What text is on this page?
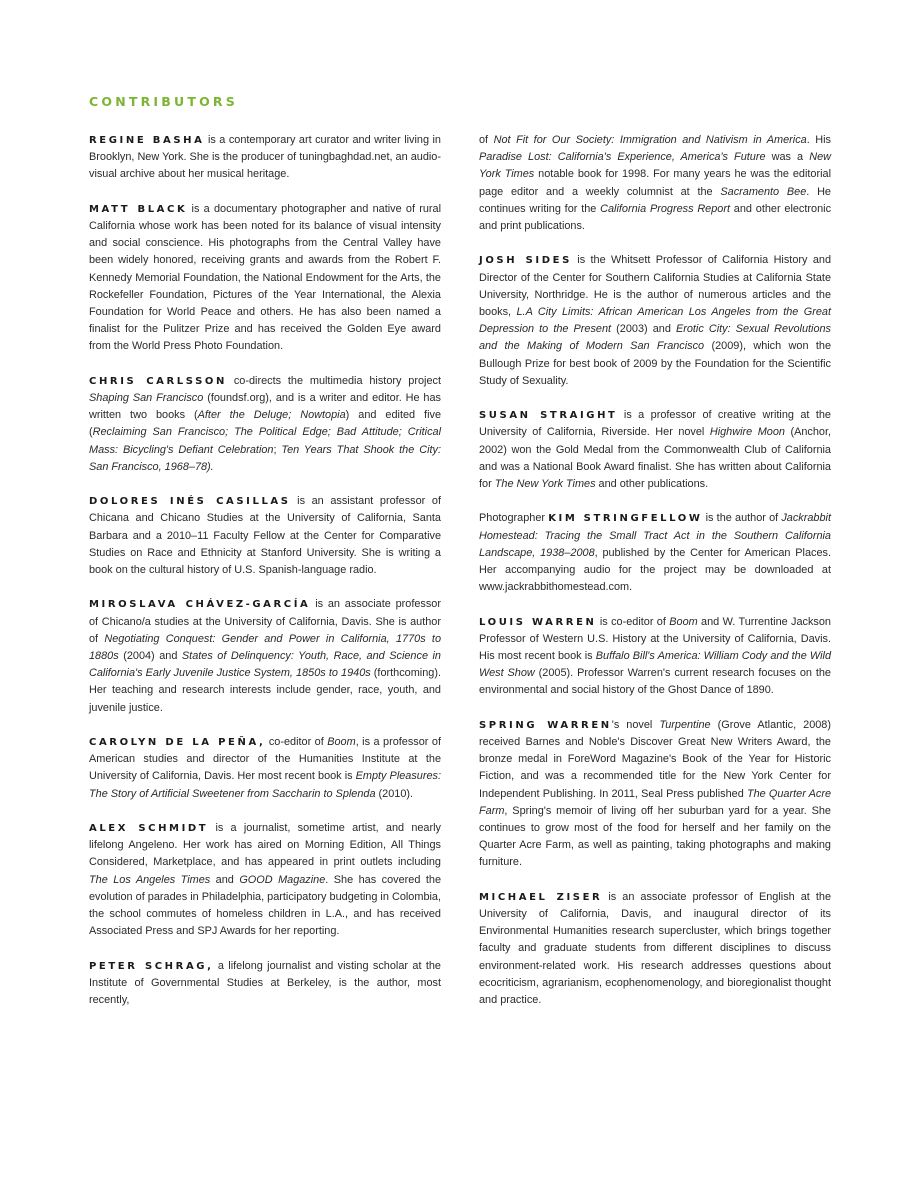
CONTRIBUTORS

REGINE BASHA is a contemporary art curator and writer living in Brooklyn, New York. She is the producer of tuningbaghdad.net, an audio-visual archive about her musical heritage.

MATT BLACK is a documentary photographer and native of rural California whose work has been noted for its balance of visual intensity and social conscience. His photographs from the Central Valley have been widely honored, receiving grants and awards from the Robert F. Kennedy Memorial Foundation, the National Endowment for the Arts, the Rockefeller Foundation, Pictures of the Year International, the Alexia Foundation for World Peace and others. He has also been named a finalist for the Pulitzer Prize and has received the Golden Eye award from the World Press Photo Foundation.

CHRIS CARLSSON co-directs the multimedia history project Shaping San Francisco (foundsf.org), and is a writer and editor. He has written two books (After the Deluge; Nowtopia) and edited five (Reclaiming San Francisco; The Political Edge; Bad Attitude; Critical Mass: Bicycling's Defiant Celebration; Ten Years That Shook the City: San Francisco, 1968–78).

DOLORES INÉS CASILLAS is an assistant professor of Chicana and Chicano Studies at the University of California, Santa Barbara and a 2010–11 Faculty Fellow at the Center for Comparative Studies on Race and Ethnicity at Stanford University. She is writing a book on the cultural history of U.S. Spanish-language radio.

MIROSLAVA CHÁVEZ-GARCÍA is an associate professor of Chicano/a studies at the University of California, Davis. She is author of Negotiating Conquest: Gender and Power in California, 1770s to 1880s (2004) and States of Delinquency: Youth, Race, and Science in California's Early Juvenile Justice System, 1850s to 1940s (forthcoming). Her teaching and research interests include gender, race, youth, and juvenile justice.

CAROLYN DE LA PEÑA, co-editor of Boom, is a professor of American studies and director of the Humanities Institute at the University of California, Davis. Her most recent book is Empty Pleasures: The Story of Artificial Sweetener from Saccharin to Splenda (2010).

ALEX SCHMIDT is a journalist, sometime artist, and nearly lifelong Angeleno. Her work has aired on Morning Edition, All Things Considered, Marketplace, and has appeared in print outlets including The Los Angeles Times and GOOD Magazine. She has covered the evolution of parades in Philadelphia, participatory budgeting in Colombia, the school commutes of homeless children in L.A., and has received Associated Press and SPJ Awards for her reporting.

PETER SCHRAG, a lifelong journalist and visting scholar at the Institute of Governmental Studies at Berkeley, is the author, most recently,

of Not Fit for Our Society: Immigration and Nativism in America. His Paradise Lost: California's Experience, America's Future was a New York Times notable book for 1998. For many years he was the editorial page editor and a weekly columnist at the Sacramento Bee. He continues writing for the California Progress Report and other electronic and print publications.

JOSH SIDES is the Whitsett Professor of California History and Director of the Center for Southern California Studies at California State University, Northridge. He is the author of numerous articles and the books, L.A City Limits: African American Los Angeles from the Great Depression to the Present (2003) and Erotic City: Sexual Revolutions and the Making of Modern San Francisco (2009), which won the Bullough Prize for best book of 2009 by the Foundation for the Scientific Study of Sexuality.

SUSAN STRAIGHT is a professor of creative writing at the University of California, Riverside. Her novel Highwire Moon (Anchor, 2002) won the Gold Medal from the Commonwealth Club of California and was a National Book Award finalist. She has written about California for The New York Times and other publications.

Photographer KIM STRINGFELLOW is the author of Jackrabbit Homestead: Tracing the Small Tract Act in the Southern California Landscape, 1938–2008, published by the Center for American Places. Her accompanying audio for the project may be downloaded at www.jackrabbithomestead.com.

LOUIS WARREN is co-editor of Boom and W. Turrentine Jackson Professor of Western U.S. History at the University of California, Davis. His most recent book is Buffalo Bill's America: William Cody and the Wild West Show (2005). Professor Warren's current research focuses on the environmental and social history of the Ghost Dance of 1890.

SPRING WARREN's novel Turpentine (Grove Atlantic, 2008) received Barnes and Noble's Discover Great New Writers Award, the bronze medal in ForeWord Magazine's Book of the Year for Historic Fiction, and was a recommended title for the New York Center for Independent Publishing. In 2011, Seal Press published The Quarter Acre Farm, Spring's memoir of living off her suburban yard for a year. She continues to grow most of the food for herself and her family on the Quarter Acre Farm, as well as painting, taking photographs and making furniture.

MICHAEL ZISER is an associate professor of English at the University of California, Davis, and inaugural director of its Environmental Humanities research supercluster, which brings together faculty and graduate students from different disciplines to discuss environment-related work. His research addresses questions about ecocriticism, agrarianism, ecophenomenology, and bioregionalist thought and practice.
